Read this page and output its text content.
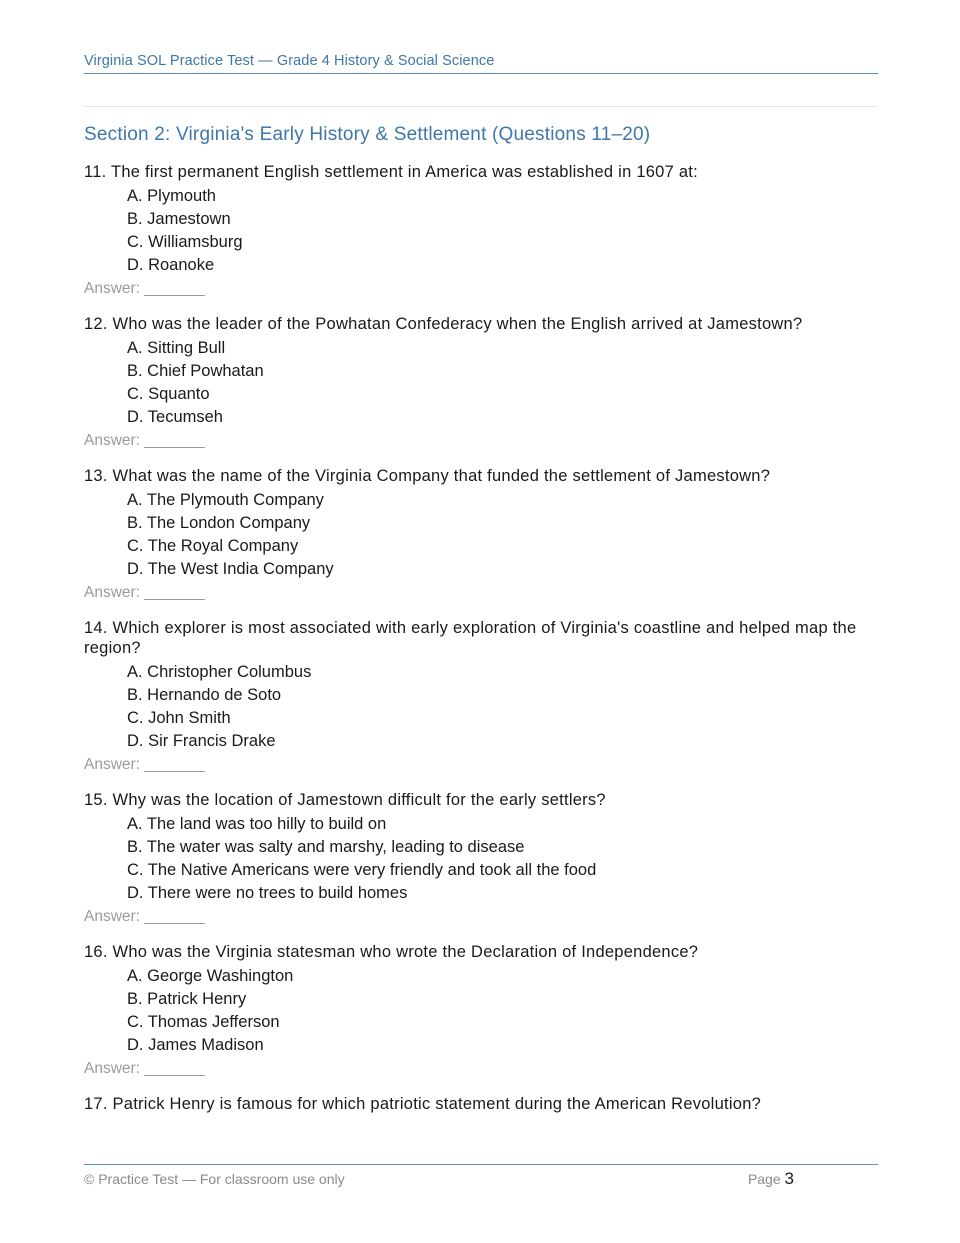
Virginia SOL Practice Test — Grade 4 History & Social Science
Section 2: Virginia's Early History & Settlement (Questions 11–20)

11. The first permanent English settlement in America was established in 1607 at:

A. Plymouth
B. Jamestown
C. Williamsburg
D. Roanoke
Answer: _______

12. Who was the leader of the Powhatan Confederacy when the English arrived at Jamestown?

A. Sitting Bull
B. Chief Powhatan
C. Squanto
D. Tecumseh
Answer: _______

13. What was the name of the Virginia Company that funded the settlement of Jamestown?

A. The Plymouth Company
B. The London Company
C. The Royal Company
D. The West India Company
Answer: _______

14. Which explorer is most associated with early exploration of Virginia's coastline and helped map the region?

A. Christopher Columbus
B. Hernando de Soto
C. John Smith
D. Sir Francis Drake
Answer: _______

15. Why was the location of Jamestown difficult for the early settlers?

A. The land was too hilly to build on
B. The water was salty and marshy, leading to disease
C. The Native Americans were very friendly and took all the food
D. There were no trees to build homes
Answer: _______

16. Who was the Virginia statesman who wrote the Declaration of Independence?

A. George Washington
B. Patrick Henry
C. Thomas Jefferson
D. James Madison
Answer: _______

17. Patrick Henry is famous for which patriotic statement during the American Revolution?

© Practice Test — For classroom use only	Page 3
